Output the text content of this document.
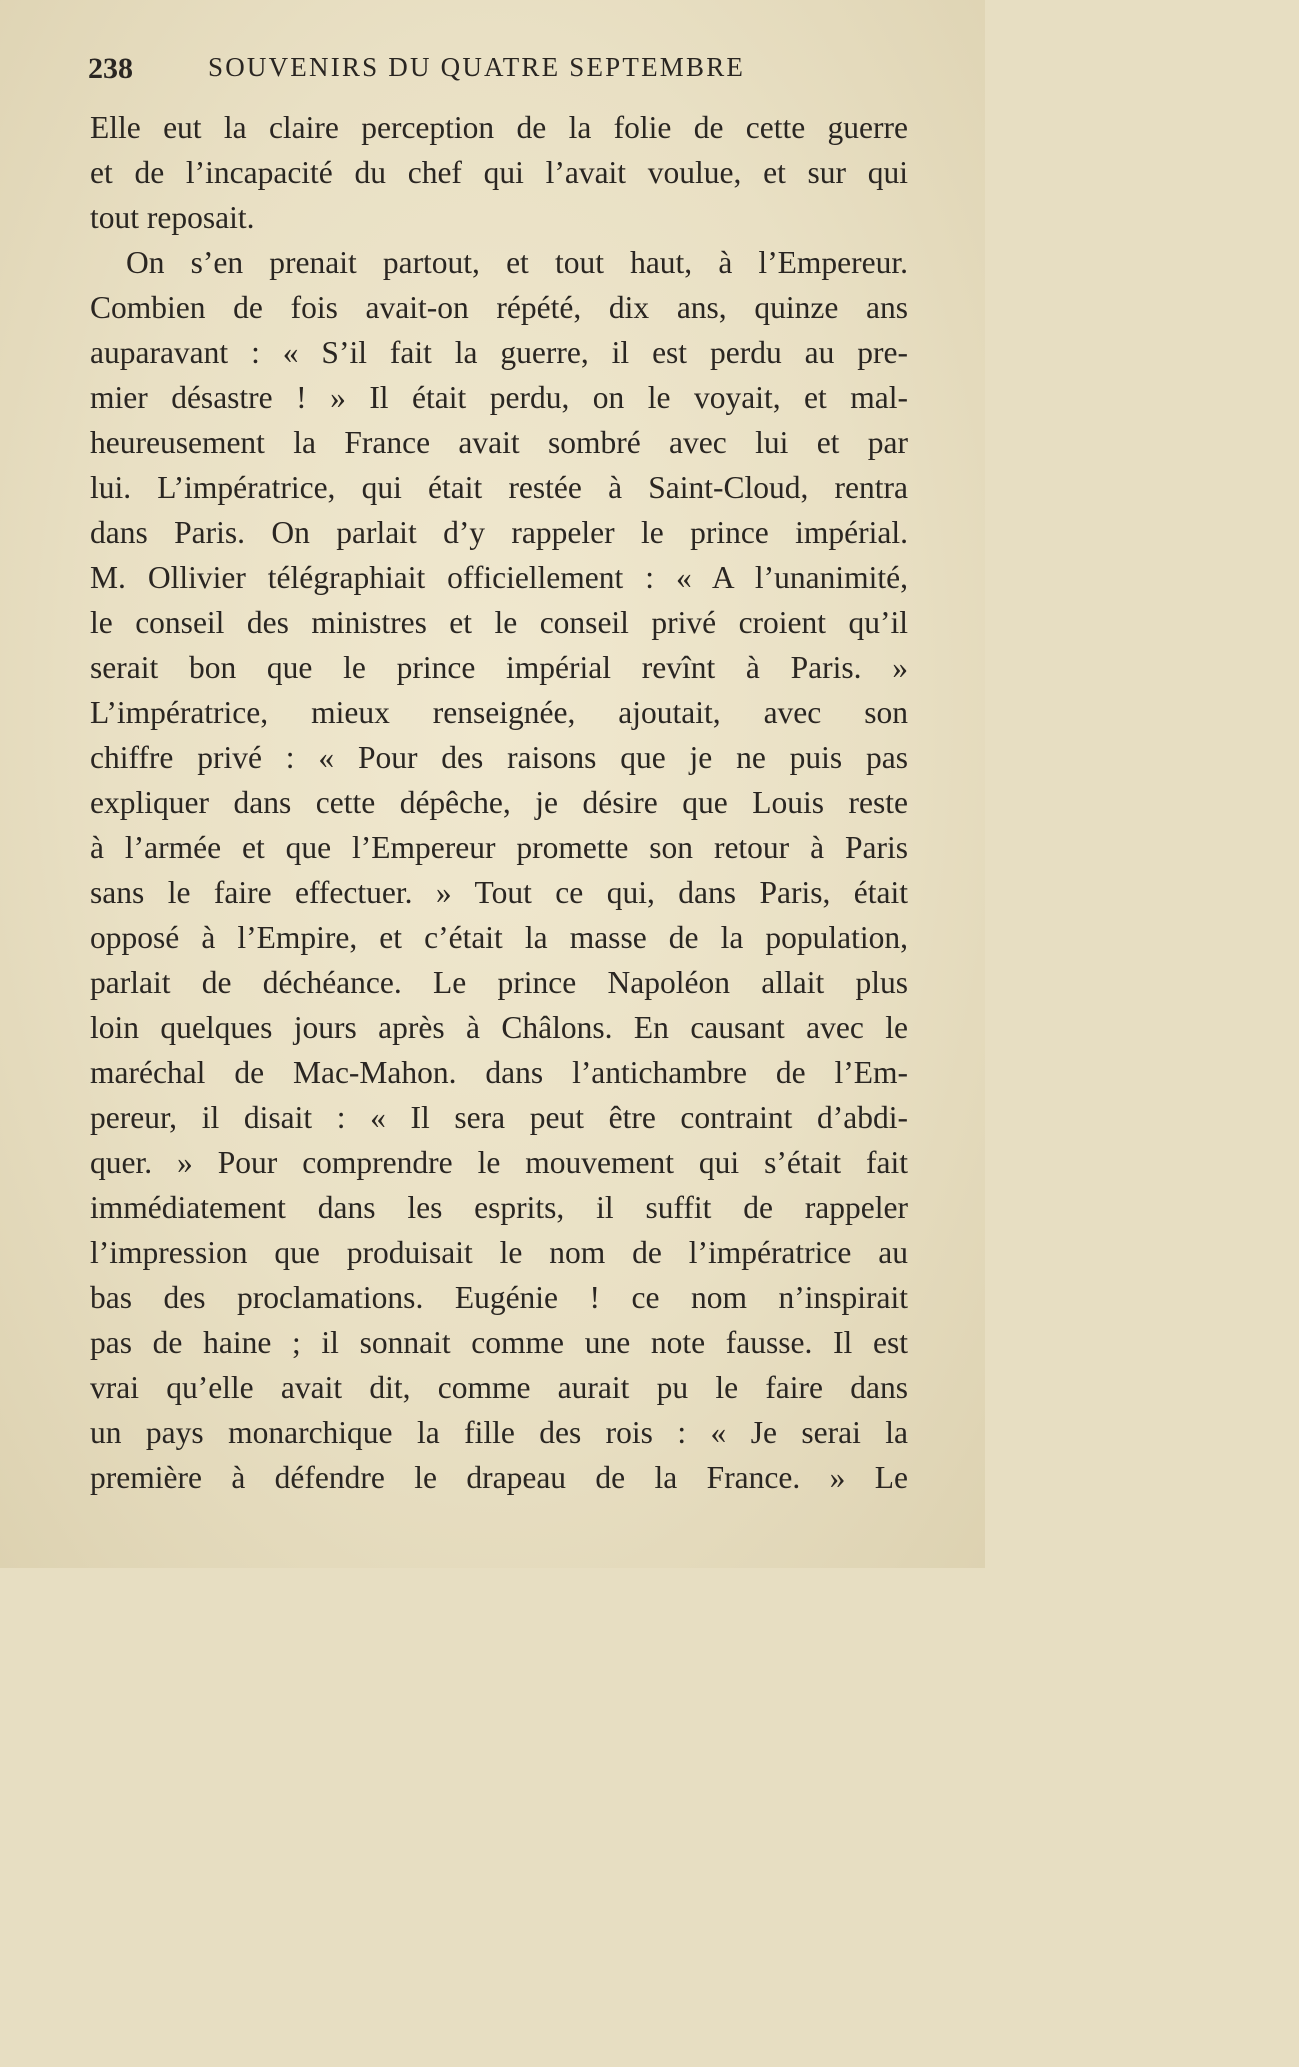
238	SOUVENIRS DU QUATRE SEPTEMBRE
Elle eut la claire perception de la folie de cette guerre
et de l’incapacité du chef qui l’avait voulue, et sur qui
tout reposait.
On s’en prenait partout, et tout haut, à l’Empereur.
Combien de fois avait-on répété, dix ans, quinze ans
auparavant : « S’il fait la guerre, il est perdu au pre-
mier désastre ! » Il était perdu, on le voyait, et mal-
heureusement la France avait sombré avec lui et par
lui. L’impératrice, qui était restée à Saint-Cloud, rentra
dans Paris. On parlait d’y rappeler le prince impérial.
M. Ollivier télégraphiait officiellement : « A l’unanimité,
le conseil des ministres et le conseil privé croient qu’il
serait bon que le prince impérial revînt à Paris. »
L’impératrice, mieux renseignée, ajoutait, avec son
chiffre privé : « Pour des raisons que je ne puis pas
expliquer dans cette dépêche, je désire que Louis reste
à l’armée et que l’Empereur promette son retour à Paris
sans le faire effectuer. » Tout ce qui, dans Paris, était
opposé à l’Empire, et c’était la masse de la population,
parlait de déchéance. Le prince Napoléon allait plus
loin quelques jours après à Châlons. En causant avec le
maréchal de Mac-Mahon. dans l’antichambre de l’Em-
pereur, il disait : « Il sera peut être contraint d’abdi-
quer. » Pour comprendre le mouvement qui s’était fait
immédiatement dans les esprits, il suffit de rappeler
l’impression que produisait le nom de l’impératrice au
bas des proclamations. Eugénie ! ce nom n’inspirait
pas de haine ; il sonnait comme une note fausse. Il est
vrai qu’elle avait dit, comme aurait pu le faire dans
un pays monarchique la fille des rois : « Je serai la
première à défendre le drapeau de la France. » Le
